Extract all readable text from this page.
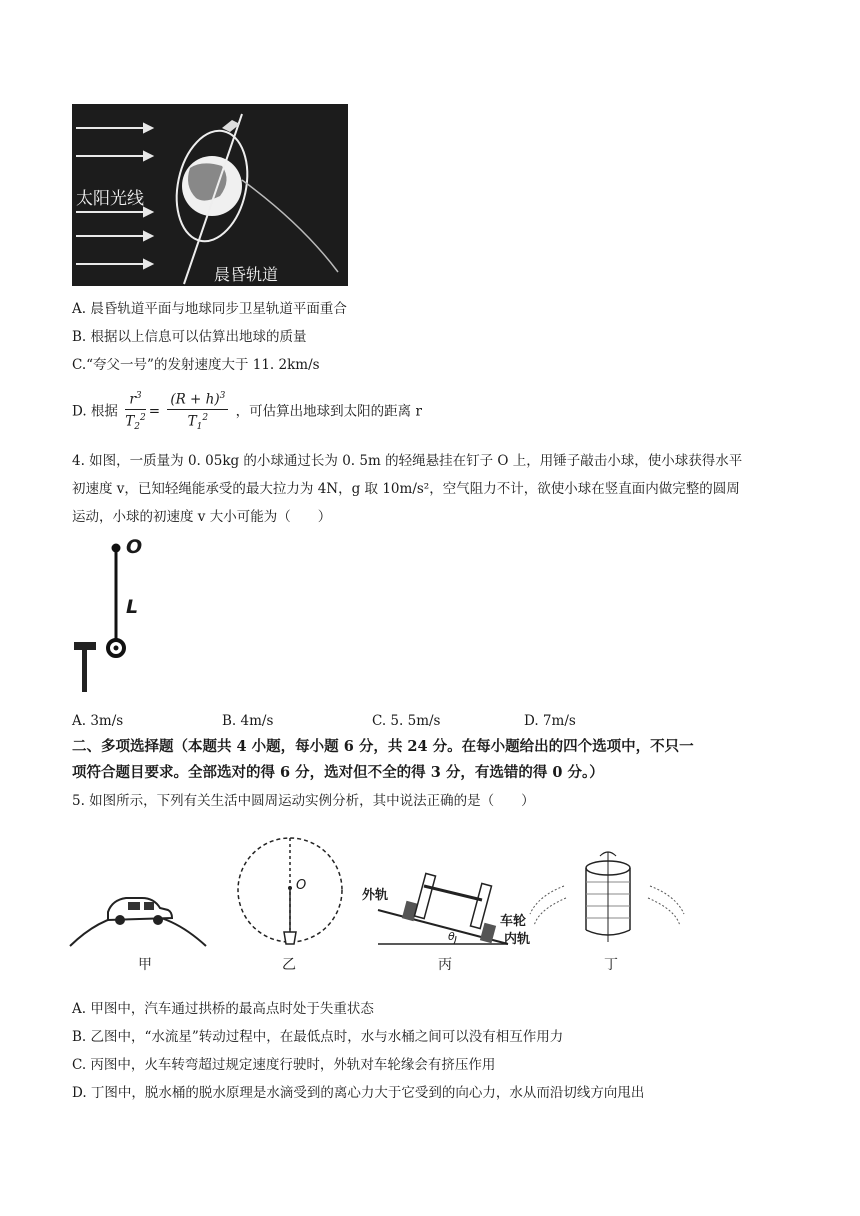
太阳光线
晨昏轨道
A. 晨昏轨道平面与地球同步卫星轨道平面重合
B. 根据以上信息可以估算出地球的质量
C.“夸父一号”的发射速度大于 11. 2km/s
D. 根据 $\frac{r^3}{T_2^2} = \frac{(R + h)^3}{T_1^2}$ ，可估算出地球到太阳的距离 r
4. 如图，一质量为 0. 05kg 的小球通过长为 0. 5m 的轻绳悬挂在钉子 O 上，用锤子敲击小球，使小球获得水平
初速度 v，已知轻绳能承受的最大拉力为 4N，g 取 10m/s²，空气阻力不计，欲使小球在竖直面内做完整的圆周
运动，小球的初速度 v 大小可能为（　　）
O
L
A. 3m/s	B. 4m/s	C. 5. 5m/s	D. 7m/s
二、多项选择题（本题共 4 小题，每小题 6 分，共 24 分。在每小题给出的四个选项中，不只一
项符合题目要求。全部选对的得 6 分，选对但不全的得 3 分，有选错的得 0 分。）
5. 如图所示，下列有关生活中圆周运动实例分析，其中说法正确的是（　　）
甲	乙	丙	丁
O
外轨
车轮
内轨
θ
A. 甲图中，汽车通过拱桥的最高点时处于失重状态
B. 乙图中，“水流星”转动过程中，在最低点时，水与水桶之间可以没有相互作用力
C. 丙图中，火车转弯超过规定速度行驶时，外轨对车轮缘会有挤压作用
D. 丁图中，脱水桶的脱水原理是水滴受到的离心力大于它受到的向心力，水从而沿切线方向甩出
